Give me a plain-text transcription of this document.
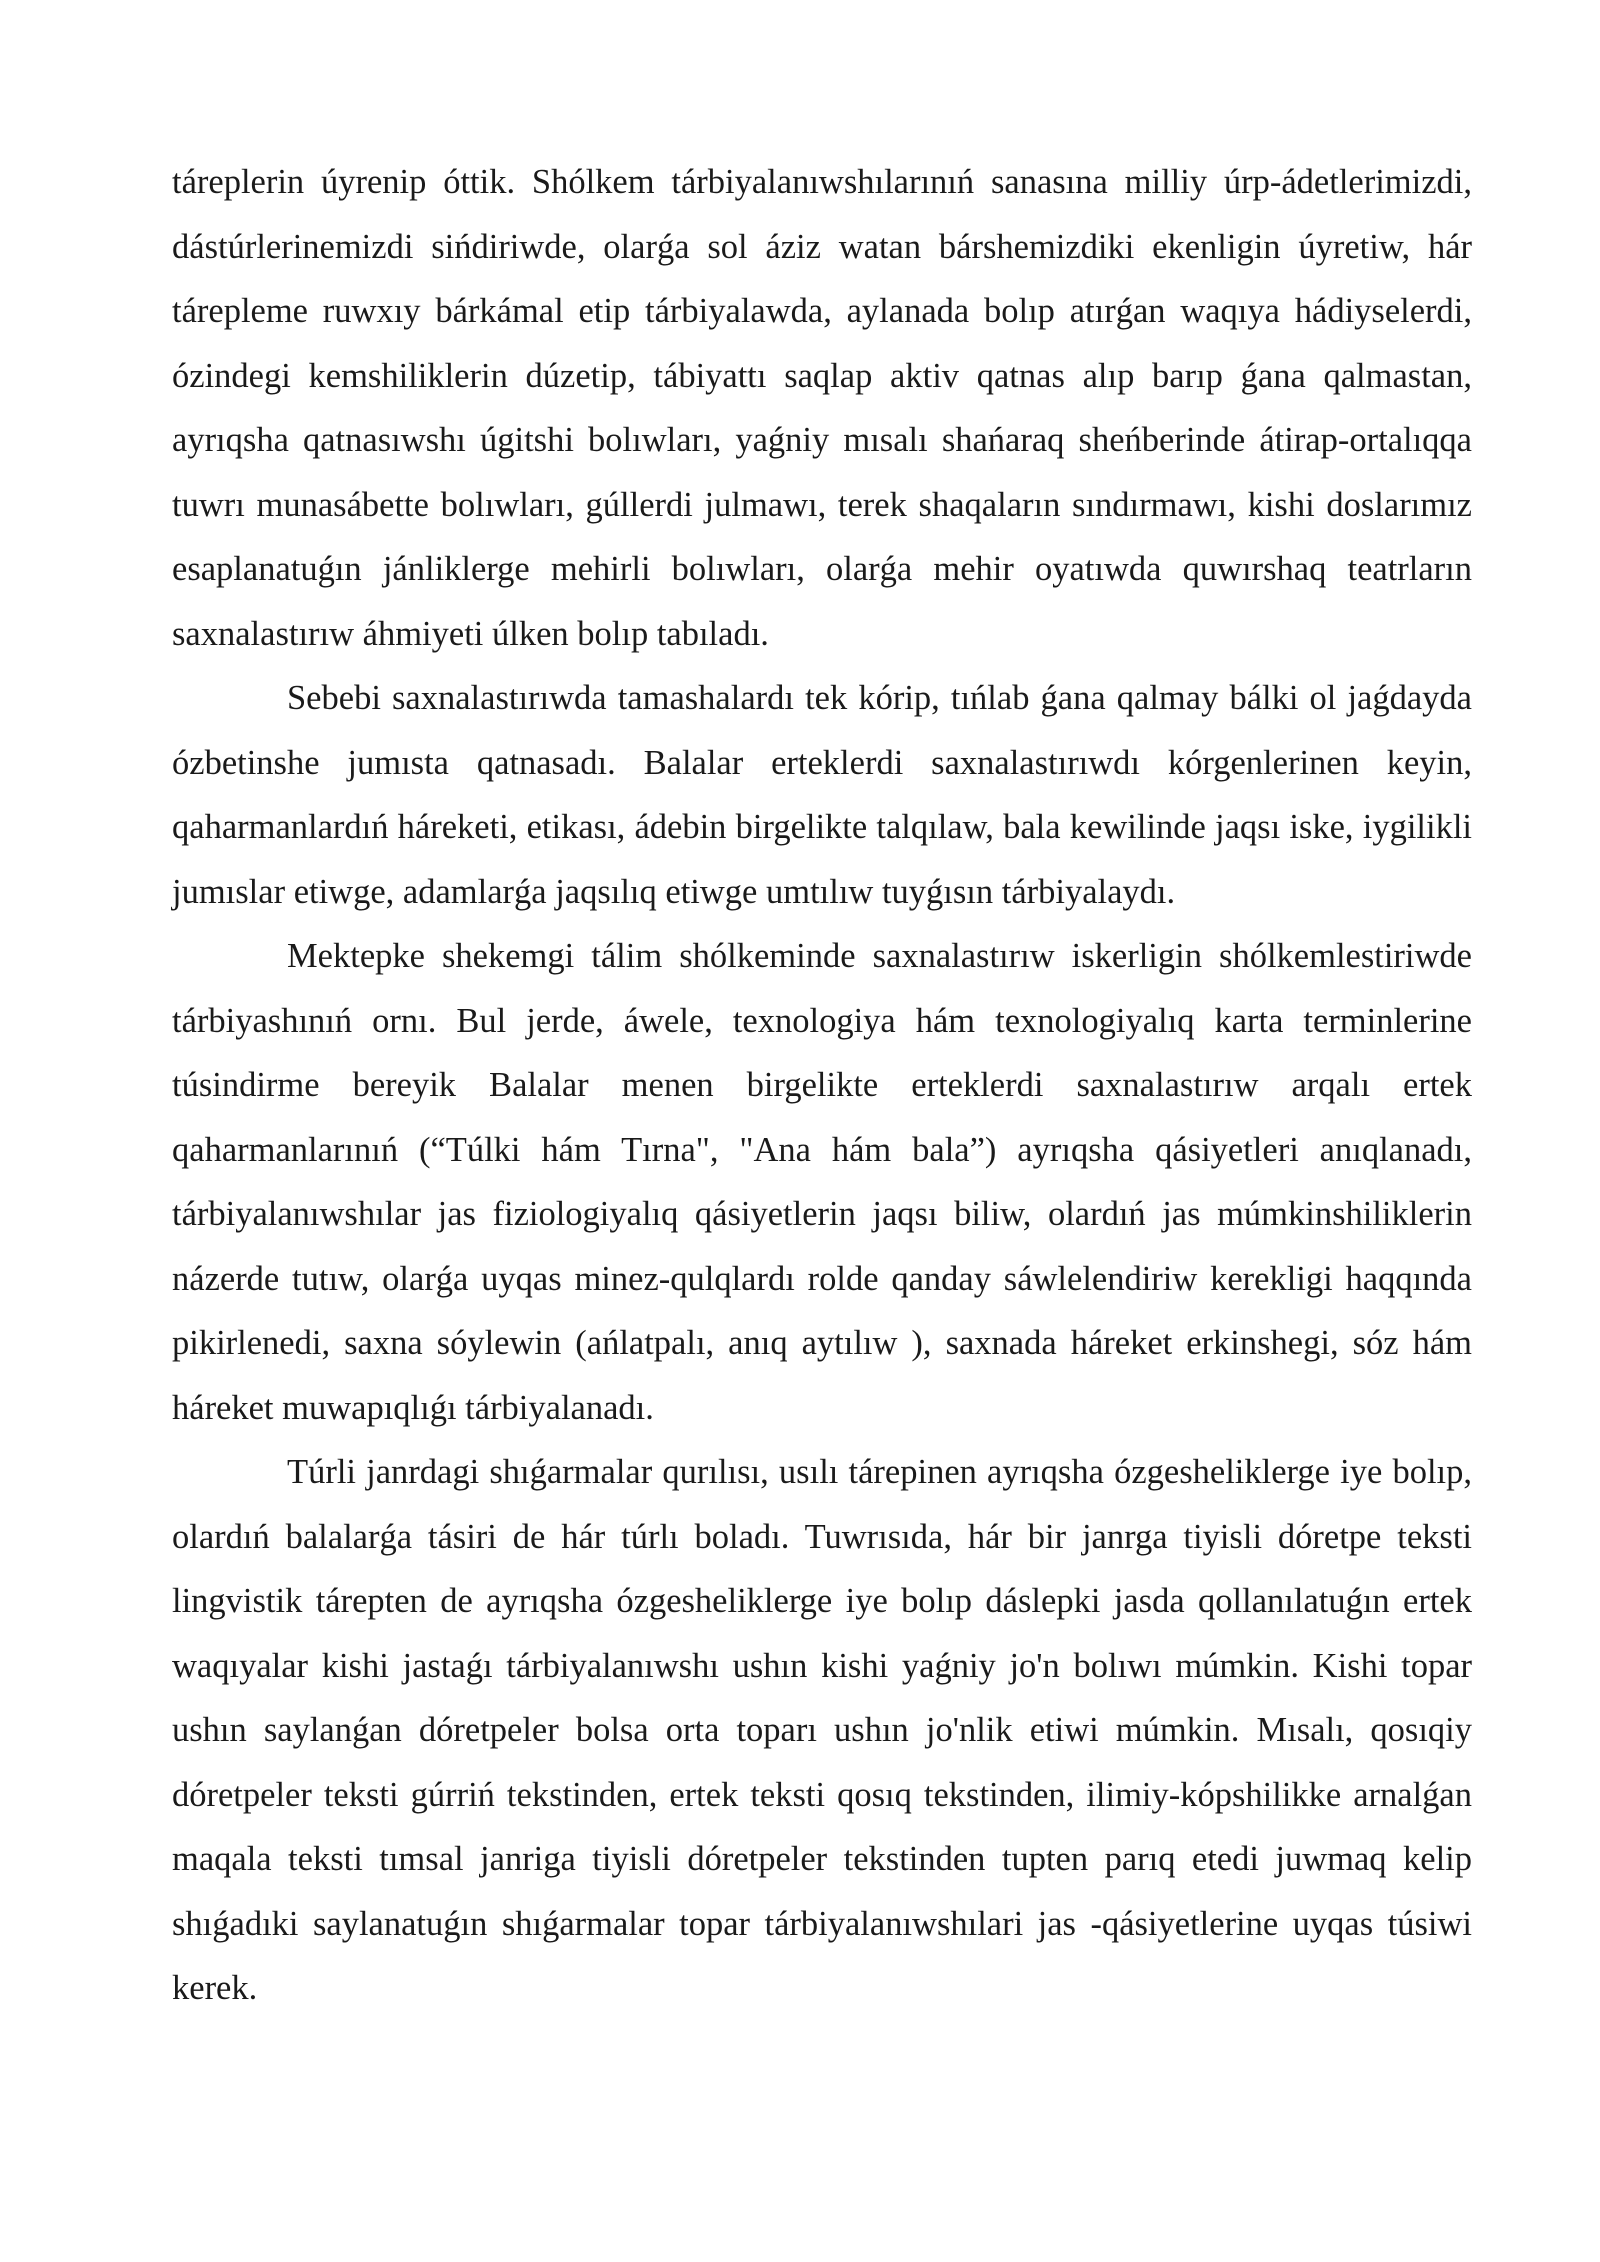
táreplerin úyrenip óttik. Shólkem tárbiyalanıwshılarınıń sanasına milliy úrp-ádetlerimizdi, dástúrlerinemizdi sińdiriwde, olarǵa sol áziz watan bárshemizdiki ekenligin úyretiw, hár tárepleme ruwxıy bárkámal etip tárbiyalawda, aylanada bolıp atırǵan waqıya hádiyselerdi, ózindegi kemshiliklerin dúzetip, tábiyattı saqlap aktiv qatnas alıp barıp ǵana qalmastan, ayrıqsha qatnasıwshı úgitshi bolıwları, yaǵniy mısalı shańaraq sheńberinde átirap-ortalıqqa tuwrı munasábette bolıwları, gúllerdi julmawı, terek shaqaların sındırmawı, kishi doslarımız esaplanatuǵın jánliklerge mehirli bolıwları, olarǵa mehir oyatıwda quwırshaq teatrların saxnalastırıw áhmiyeti úlken bolıp tabıladı.

Sebebi saxnalastırıwda tamashalardı tek kórip, tıńlab ǵana qalmay bálki ol jaǵdayda ózbetinshe jumısta qatnasadı. Balalar erteklerdi saxnalastırıwdı kórgenlerinen keyin, qaharmanlardıń háreketi, etikası, ádebin birgelikte talqılaw, bala kewilinde jaqsı iske, iygilikli jumıslar etiwge, adamlarǵa jaqsılıq etiwge umtılıw tuyǵısın tárbiyalaydı.

Mektepke shekemgi tálim shólkeminde saxnalastırıw iskerligin shólkemlestiriwde tárbiyashınıń ornı. Bul jerde, áwele, texnologiya hám texnologiyalıq karta terminlerine túsindirme bereyik Balalar menen birgelikte erteklerdi saxnalastırıw arqalı ertek qaharmanlarınıń (“Túlki hám Tırna", "Ana hám bala”) ayrıqsha qásiyetleri anıqlanadı, tárbiyalanıwshılar jas fiziologiyalıq qásiyetlerin jaqsı biliw, olardıń jas múmkinshiliklerin názerde tutıw, olarǵa uyqas minez-qulqlardı rolde qanday sáwlelendiriw kerekligi haqqında pikirlenedi, saxna sóylewin (ańlatpalı, anıq aytılıw ), saxnada háreket erkinshegi, sóz hám háreket muwapıqlıǵı tárbiyalanadı.

Túrli janrdagi shıǵarmalar qurılısı, usılı tárepinen ayrıqsha ózgesheliklerge iye bolıp, olardıń balalarǵa tásiri de hár túrlı boladı. Tuwrısıda, hár bir janrga tiyisli dóretpe teksti lingvistik tárepten de ayrıqsha ózgesheliklerge iye bolıp dáslepki jasda qollanılatuǵın ertek waqıyalar kishi jastaǵı tárbiyalanıwshı ushın kishi yaǵniy jo'n bolıwı múmkin. Kishi topar ushın saylanǵan dóretpeler bolsa orta toparı ushın jo'nlik etiwi múmkin. Mısalı, qosıqiy dóretpeler teksti gúrriń tekstinden, ertek teksti qosıq tekstinden, ilimiy-kópshilikke arnalǵan maqala teksti tımsal janriga tiyisli dóretpeler tekstinden tupten parıq etedi juwmaq kelip shıǵadıki saylanatuǵın shıǵarmalar topar tárbiyalanıwshılari jas -qásiyetlerine uyqas túsiwi kerek.
